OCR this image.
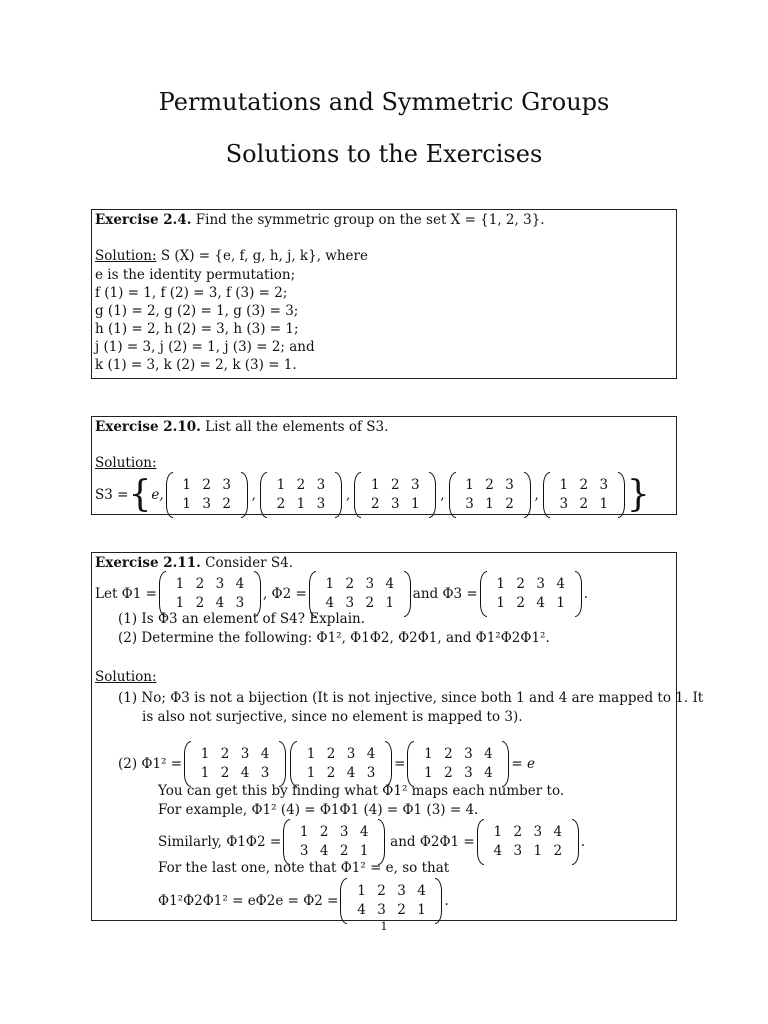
Permutations and Symmetric Groups
Solutions to the Exercises
Exercise 2.4. Find the symmetric group on the set X = {1, 2, 3}.
Solution: S (X) = {e, f, g, h, j, k}, where
e is the identity permutation;
f (1) = 1, f (2) = 3, f (3) = 2;
g (1) = 2, g (2) = 1, g (3) = 3;
h (1) = 2, h (2) = 3, h (3) = 1;
j (1) = 3, j (2) = 1, j (3) = 2; and
k (1) = 3, k (2) = 2, k (3) = 1.
Exercise 2.10. List all the elements of S3.
Solution:
S3 = { e,
1 2 3
1 3 2
,
1 2 3
2 1 3
,
1 2 3
2 3 1
,
1 2 3
3 1 2
,
1 2 3
3 2 1 }
Exercise 2.11. Consider S4.
Let Φ1 =
1 2 3 4
1 2 4 3
, Φ2 =
1 2 3 4
4 3 2 1
and Φ3 =
1 2 3 4
1 2 4 1
.
(1) Is Φ3 an element of S4? Explain.
(2) Determine the following: Φ1², Φ1Φ2, Φ2Φ1, and Φ1²Φ2Φ1².
Solution:
(1) No; Φ3 is not a bijection (It is not injective, since both 1 and 4 are mapped to 1. It
is also not surjective, since no element is mapped to 3).
(2) Φ1² =
1 2 3 4
1 2 4 3
1 2 3 4
1 2 4 3
=
1 2 3 4
1 2 3 4
= e
You can get this by finding what Φ1² maps each number to.
For example, Φ1² (4) = Φ1Φ1 (4) = Φ1 (3) = 4.
Similarly, Φ1Φ2 =
1 2 3 4
3 4 2 1
and Φ2Φ1 =
1 2 3 4
4 3 1 2
.
For the last one, note that Φ1² = e, so that
Φ1²Φ2Φ1² = eΦ2e = Φ2 =
1 2 3 4
4 3 2 1
.
1
